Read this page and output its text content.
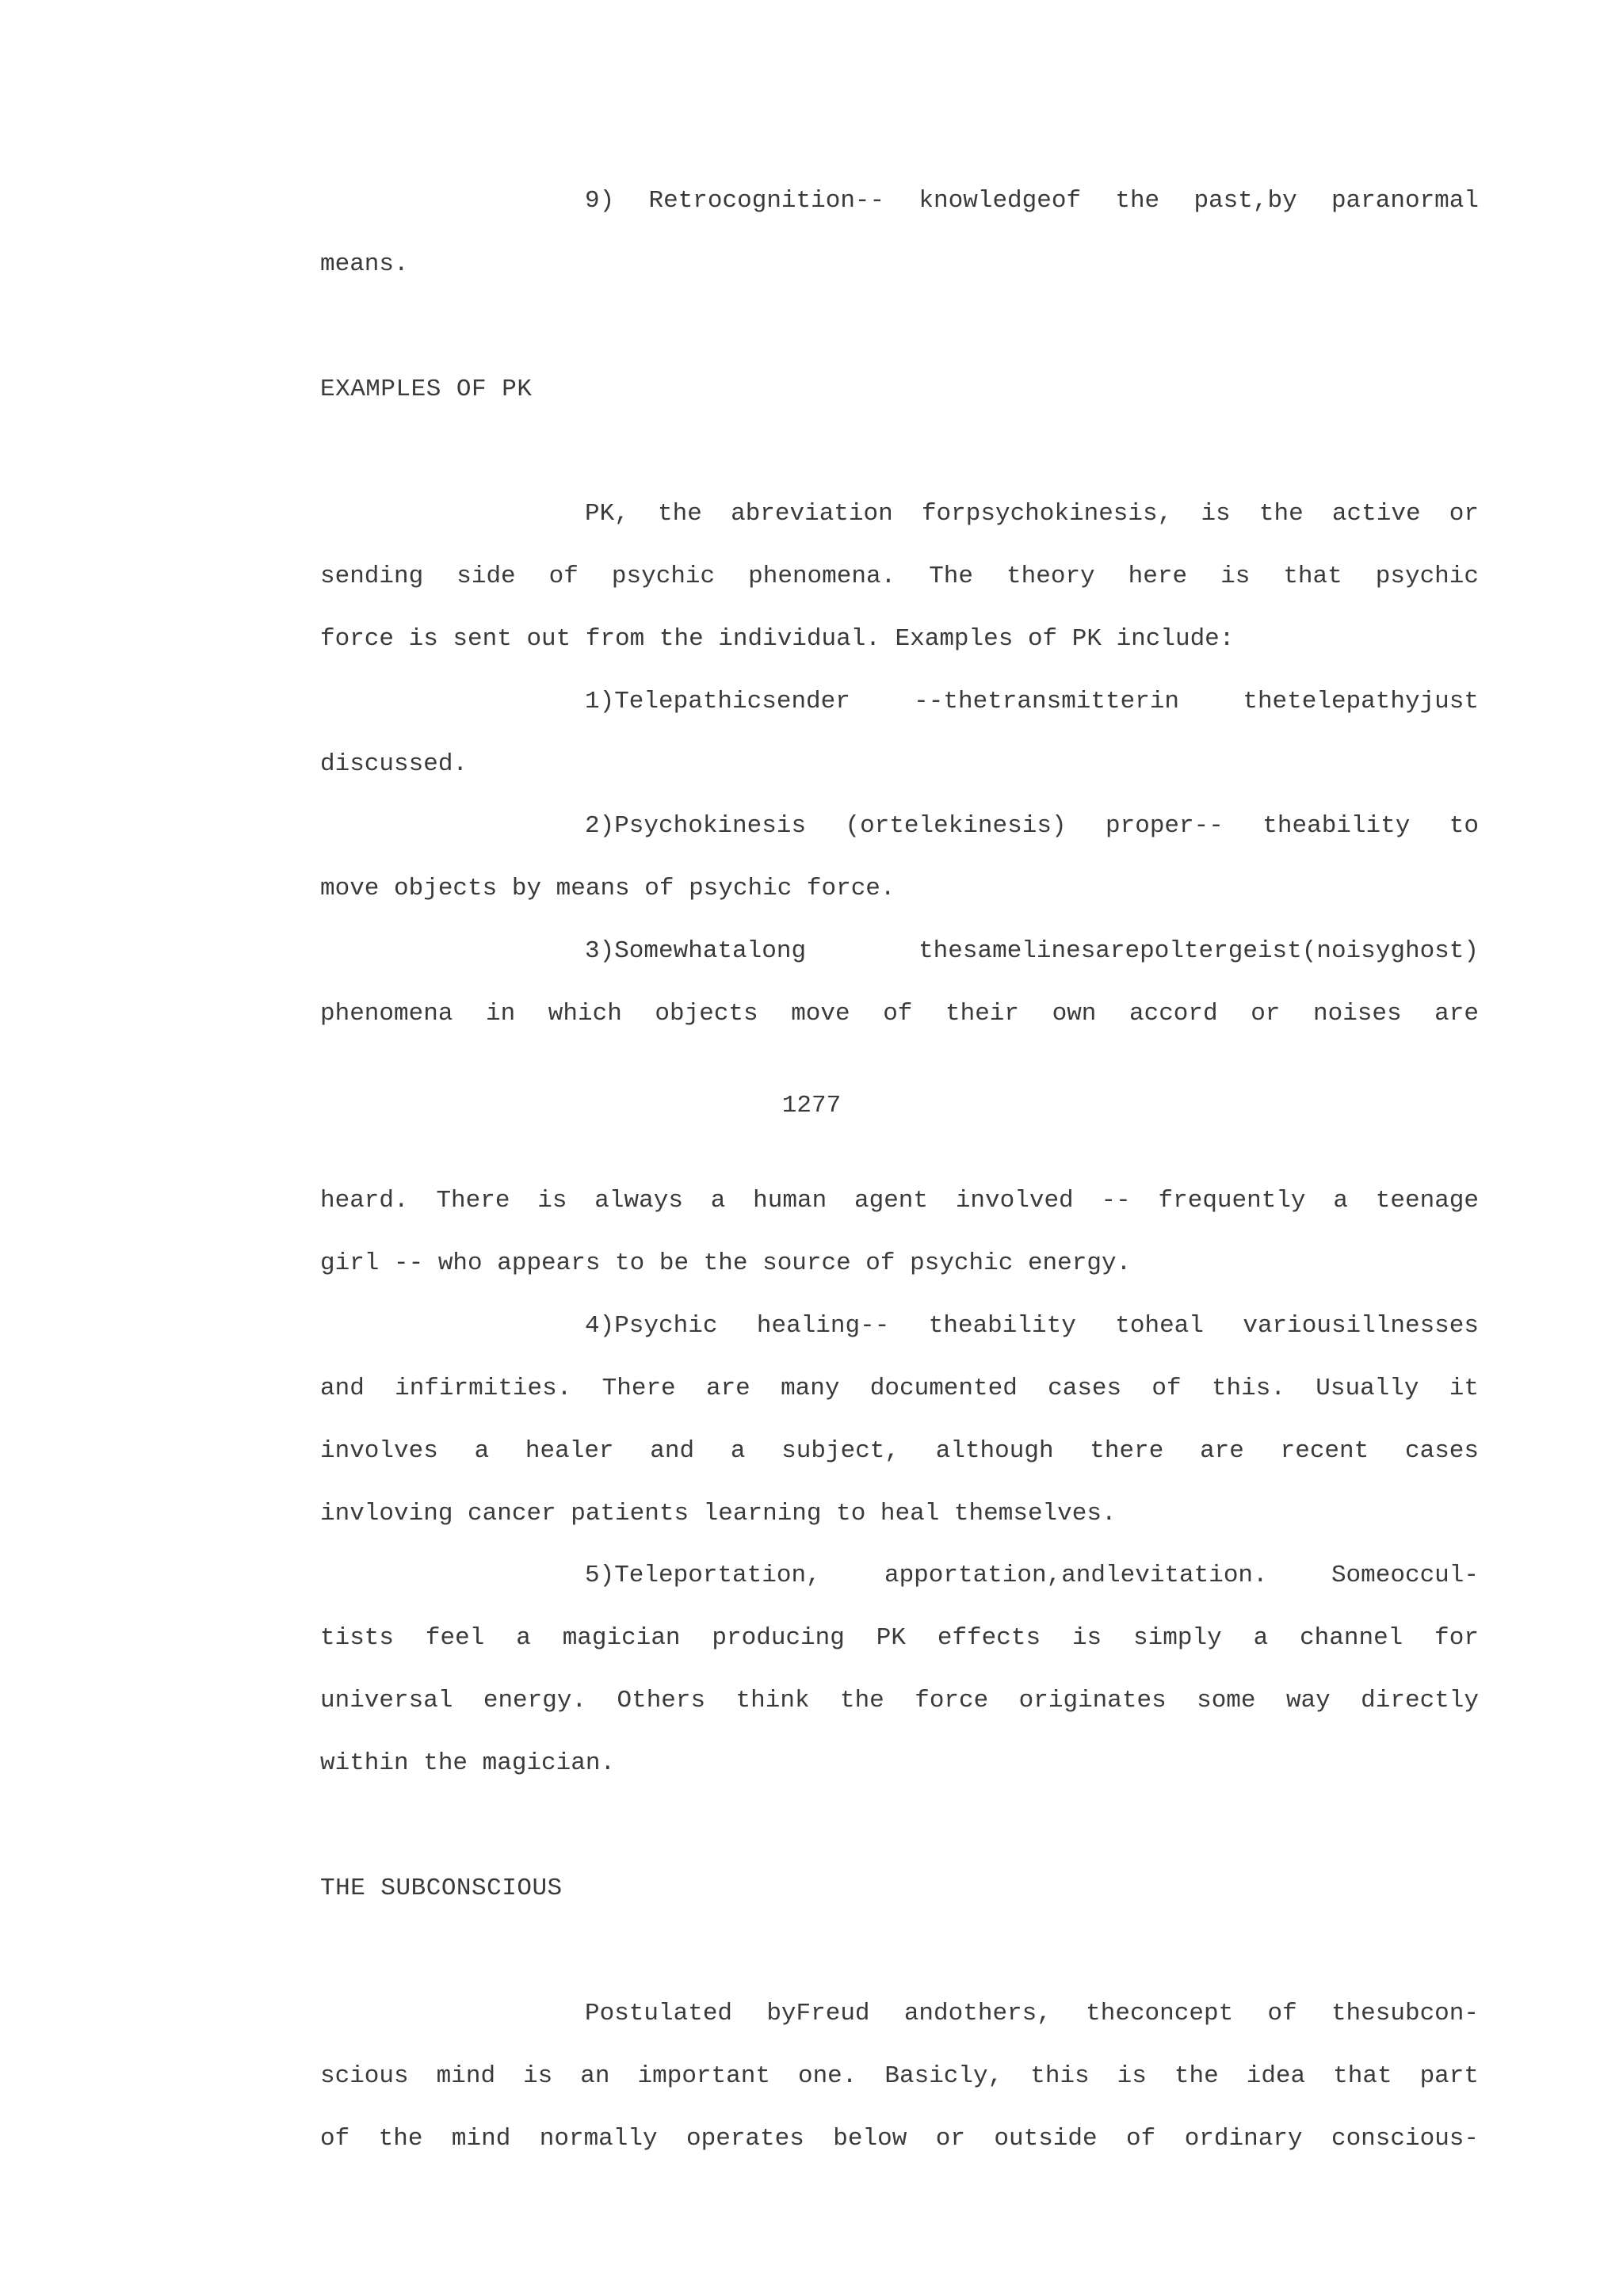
9) Retrocognition-- knowledgeof the past,by paranormal

means.

EXAMPLES OF PK

PK, the abreviation forpsychokinesis, is the active or

sending side of psychic phenomena. The theory here is that psychic

force is sent out from the individual. Examples of PK include:

1)Telepathicsender --thetransmitterin thetelepathyjust

discussed.

2)Psychokinesis (ortelekinesis) proper-- theability to

move objects by means of psychic force.

3)Somewhatalong thesamelinesarepoltergeist(noisyghost)

phenomena in which objects move of their own accord or noises are

1277

heard. There is always a human agent involved -- frequently a teenage

girl -- who appears to be the source of psychic energy.

4)Psychic healing-- theability toheal variousillnesses

and infirmities. There are many documented cases of this. Usually it

involves a healer and a subject, although there are recent cases

invloving cancer patients learning to heal themselves.

5)Teleportation, apportation,andlevitation. Someoccul-

tists feel a magician producing PK effects is simply a channel for

universal energy. Others think the force originates some way directly

within the magician.

THE SUBCONSCIOUS

Postulated byFreud andothers, theconcept of thesubcon-

scious mind is an important one. Basicly, this is the idea that part

of the mind normally operates below or outside of ordinary conscious-
